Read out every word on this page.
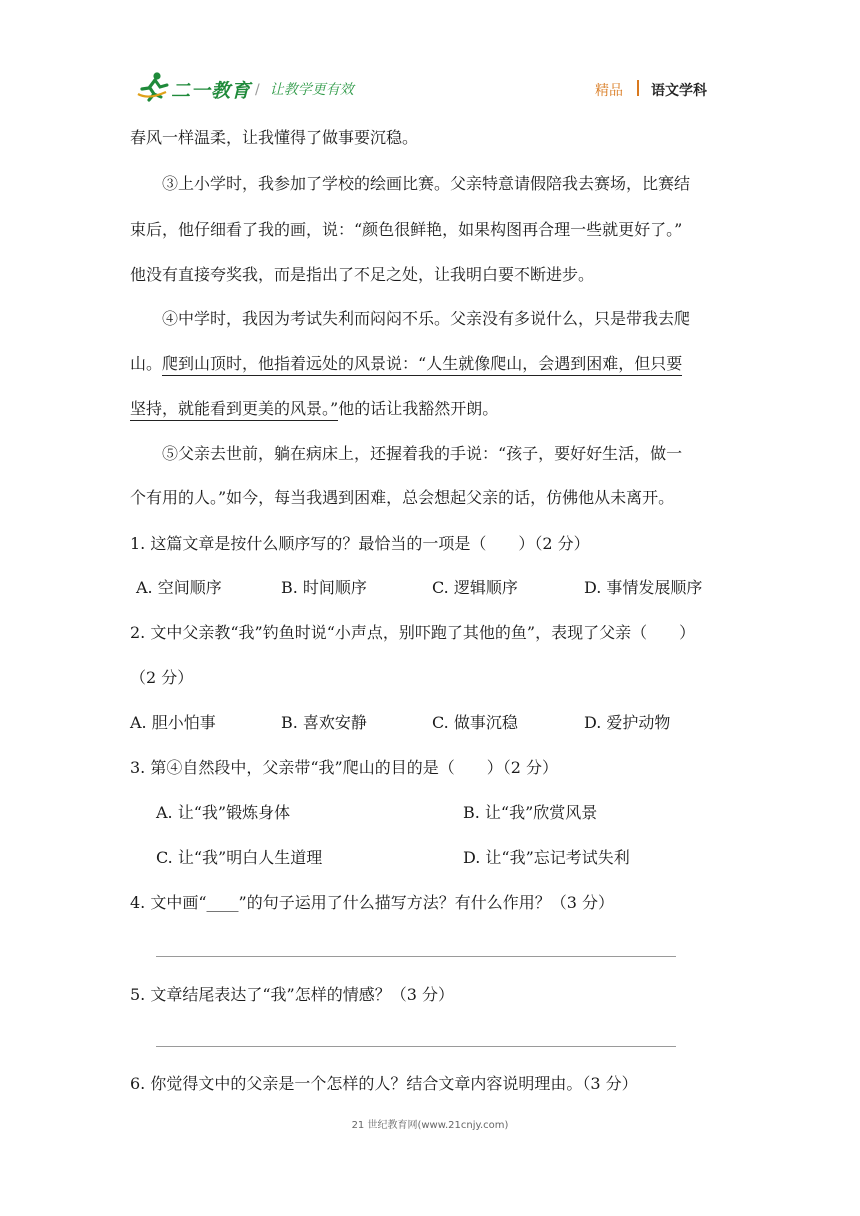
二一教育 / 让教学更有效	精品 语文学科
春风一样温柔，让我懂得了做事要沉稳。
③上小学时，我参加了学校的绘画比赛。父亲特意请假陪我去赛场，比赛结
束后，他仔细看了我的画，说：“颜色很鲜艳，如果构图再合理一些就更好了。”
他没有直接夸奖我，而是指出了不足之处，让我明白要不断进步。
④中学时，我因为考试失利而闷闷不乐。父亲没有多说什么，只是带我去爬
山。爬到山顶时，他指着远处的风景说：“人生就像爬山，会遇到困难，但只要
坚持，就能看到更美的风景。”他的话让我豁然开朗。
⑤父亲去世前，躺在病床上，还握着我的手说：“孩子，要好好生活，做一
个有用的人。”如今，每当我遇到困难，总会想起父亲的话，仿佛他从未离开。
1. 这篇文章是按什么顺序写的？最恰当的一项是（　　）（2 分）
A. 空间顺序	B. 时间顺序	C. 逻辑顺序	D. 事情发展顺序
2. 文中父亲教“我”钓鱼时说“小声点，别吓跑了其他的鱼”，表现了父亲（　　）
（2 分）
A. 胆小怕事	B. 喜欢安静	C. 做事沉稳	D. 爱护动物
3. 第④自然段中，父亲带“我”爬山的目的是（　　）（2 分）
A. 让“我”锻炼身体	B. 让“我”欣赏风景
C. 让“我”明白人生道理	D. 让“我”忘记考试失利
4. 文中画“____”的句子运用了什么描写方法？有什么作用？（3 分）
5. 文章结尾表达了“我”怎样的情感？（3 分）
6. 你觉得文中的父亲是一个怎样的人？结合文章内容说明理由。（3 分）
21 世纪教育网(www.21cnjy.com)
